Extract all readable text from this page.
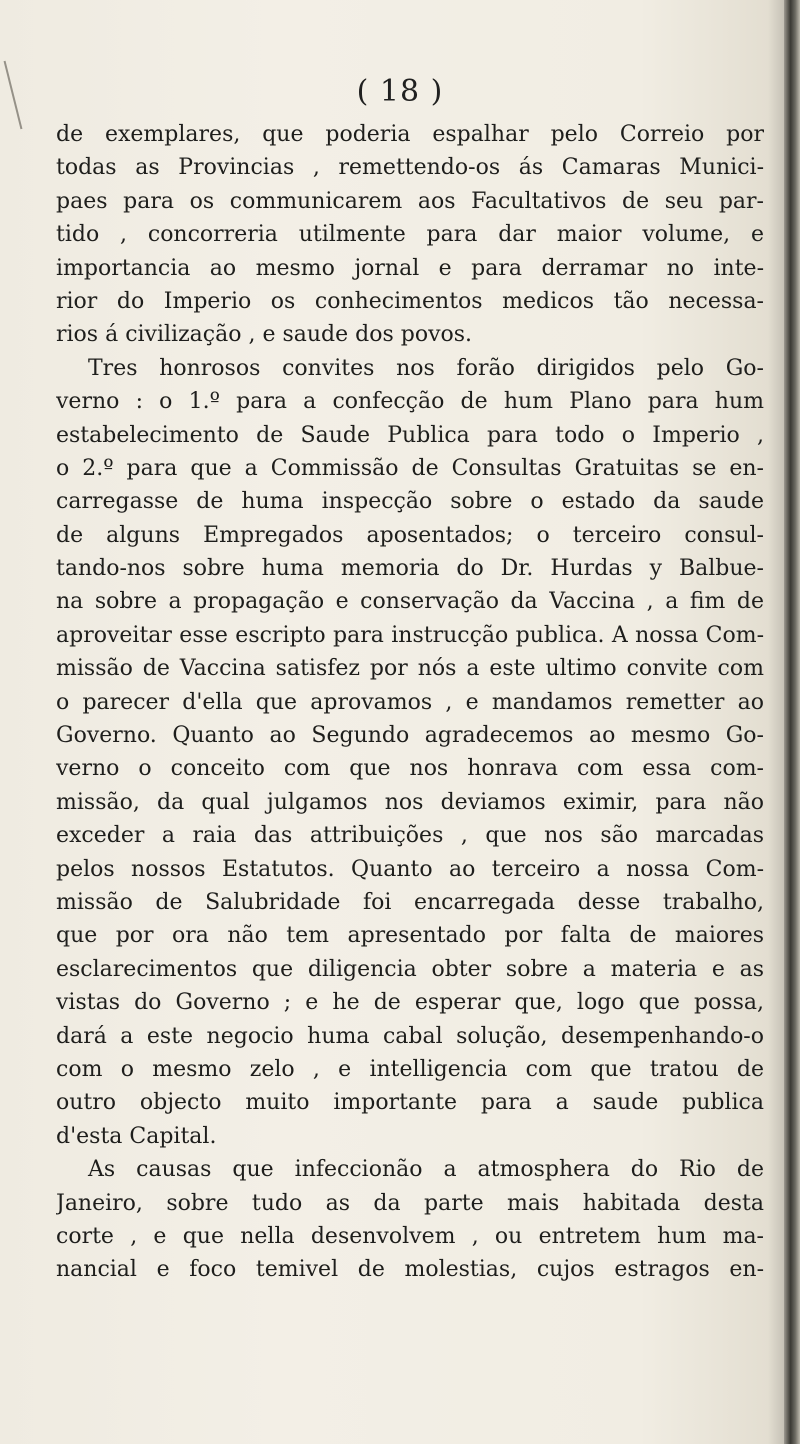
( 18 )
de exemplares, que poderia espalhar pelo Correio por
todas as Provincias , remettendo-os ás Camaras Munici-
paes para os communicarem aos Facultativos de seu par-
tido , concorreria utilmente para dar maior volume, e
importancia ao mesmo jornal e para derramar no inte-
rior do Imperio os conhecimentos medicos tão necessa-
rios á civilização , e saude dos povos.
Tres honrosos convites nos forão dirigidos pelo Go-
verno : o 1.º para a confecção de hum Plano para hum
estabelecimento de Saude Publica para todo o Imperio ,
o 2.º para que a Commissão de Consultas Gratuitas se en-
carregasse de huma inspecção sobre o estado da saude
de alguns Empregados aposentados; o terceiro consul-
tando-nos sobre huma memoria do Dr. Hurdas y Balbue-
na sobre a propagação e conservação da Vaccina , a fim de
aproveitar esse escripto para instrucção publica. A nossa Com-
missão de Vaccina satisfez por nós a este ultimo convite com
o parecer d'ella que aprovamos , e mandamos remetter ao
Governo. Quanto ao Segundo agradecemos ao mesmo Go-
verno o conceito com que nos honrava com essa com-
missão, da qual julgamos nos deviamos eximir, para não
exceder a raia das attribuições , que nos são marcadas
pelos nossos Estatutos. Quanto ao terceiro a nossa Com-
missão de Salubridade foi encarregada desse trabalho,
que por ora não tem apresentado por falta de maiores
esclarecimentos que diligencia obter sobre a materia e as
vistas do Governo ; e he de esperar que, logo que possa,
dará a este negocio huma cabal solução, desempenhando-o
com o mesmo zelo , e intelligencia com que tratou de
outro objecto muito importante para a saude publica
d'esta Capital.
As causas que infeccionão a atmosphera do Rio de
Janeiro, sobre tudo as da parte mais habitada desta
corte , e que nella desenvolvem , ou entretem hum ma-
nancial e foco temivel de molestias, cujos estragos en-
